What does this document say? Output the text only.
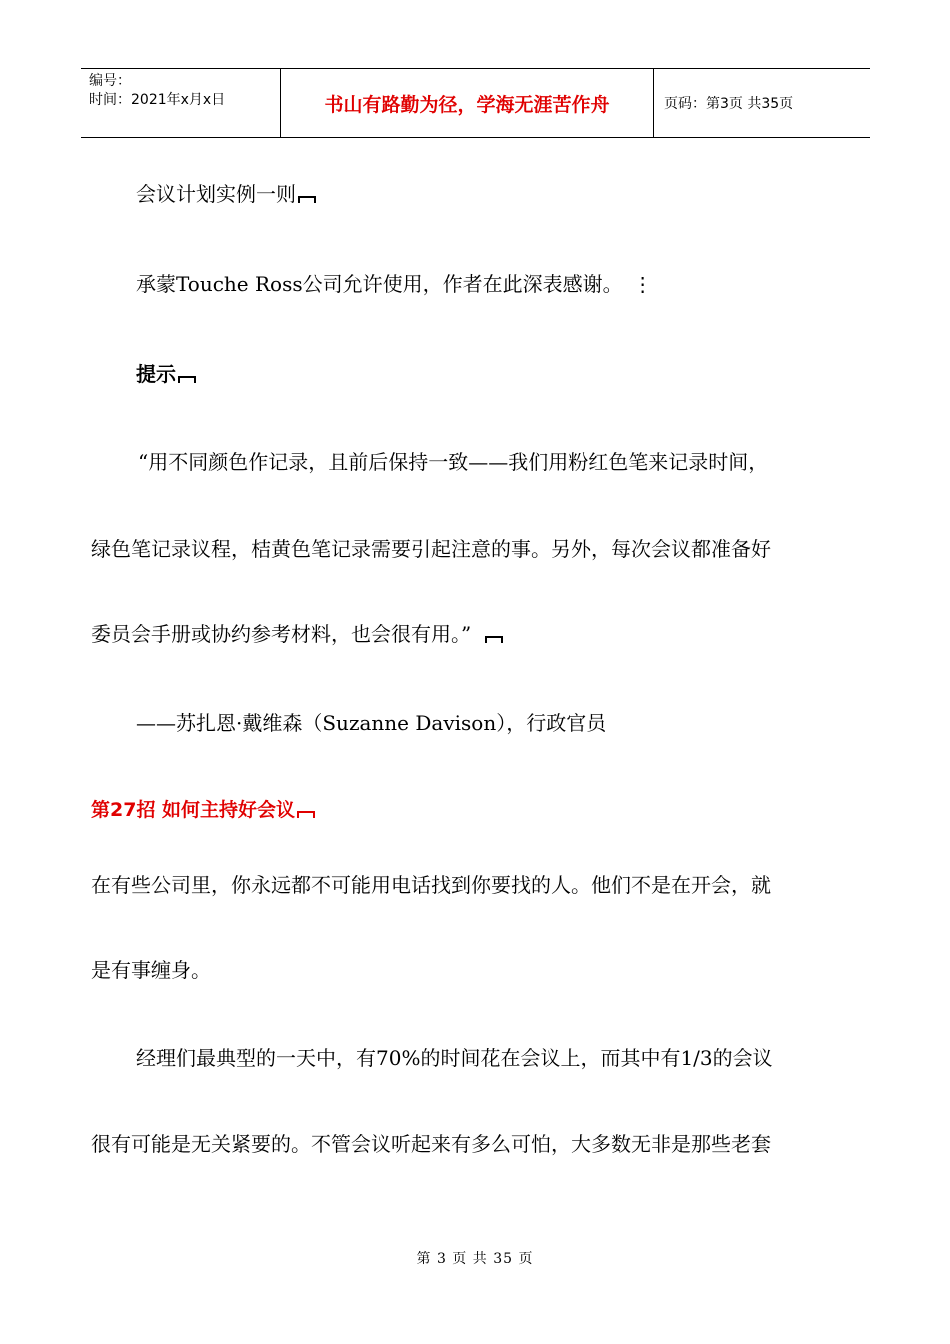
编号：
时间：2021年x月x日	书山有路勤为径，学海无涯苦作舟	页码：第3页 共35页
会议计划实例一则
承蒙Touche Ross公司允许使用，作者在此深表感谢。 ⋮
提示
“用不同颜色作记录，且前后保持一致——我们用粉红色笔来记录时间，
绿色笔记录议程，桔黄色笔记录需要引起注意的事。另外，每次会议都准备好
委员会手册或协约参考材料，也会很有用。”
——苏扎恩·戴维森（Suzanne Davison），行政官员
第27招 如何主持好会议
在有些公司里，你永远都不可能用电话找到你要找的人。他们不是在开会，就
是有事缠身。
经理们最典型的一天中，有70%的时间花在会议上，而其中有1/3的会议
很有可能是无关紧要的。不管会议听起来有多么可怕，大多数无非是那些老套
第 3 页 共 35 页
